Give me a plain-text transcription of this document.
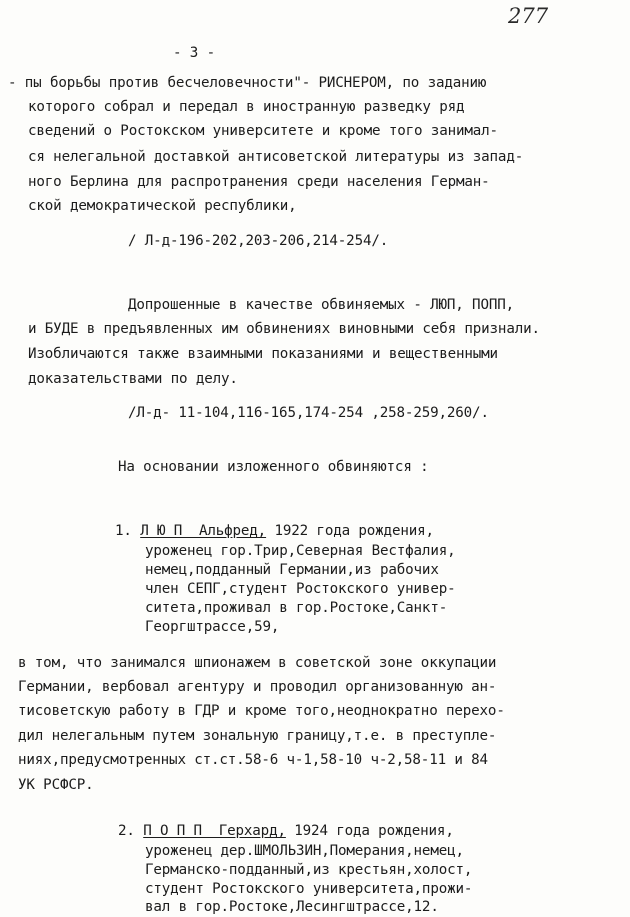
277
- 3 -
- пы борьбы против бесчеловечности"- РИСНЕРОМ, по заданию
которого собрал и передал в иностранную разведку ряд
сведений о Ростокском университете и кроме того занимал-
ся нелегальной доставкой антисоветской литературы из запад-
ного Берлина для распротранения среди населения Герман-
ской демократической республики,
/ Л-д-196-202,203-206,214-254/.
Допрошенные в качестве обвиняемых - ЛЮП, ПОПП,
и БУДЕ в предъявленных им обвинениях виновными себя признали.
Изобличаются также взаимными показаниями и вещественными
доказательствами по делу.
/Л-д- 11-104,116-165,174-254 ,258-259,260/.
На основании изложенного обвиняются :
1. Л Ю П  Альфред, 1922 года рождения,
уроженец гор.Трир,Северная Вестфалия,
немец,подданный Германии,из рабочих
член СЕПГ,студент Ростокского универ-
ситета,проживал в гор.Ростоке,Санкт-
Георгштрассе,59,
в том, что занимался шпионажем в советской зоне оккупации
Германии, вербовал агентуру и проводил организованную ан-
тисоветскую работу в ГДР и кроме того,неоднократно перехо-
дил нелегальным путем зональную границу,т.е. в преступле-
ниях,предусмотренных ст.ст.58-6 ч-1,58-10 ч-2,58-11 и 84
УК РСФСР.
2. П О П П  Герхард, 1924 года рождения,
уроженец дер.ШМОЛЬЗИН,Померания,немец,
Германско-подданный,из крестьян,холост,
студент Ростокского университета,прожи-
вал в гор.Ростоке,Лесингштрассе,12.
